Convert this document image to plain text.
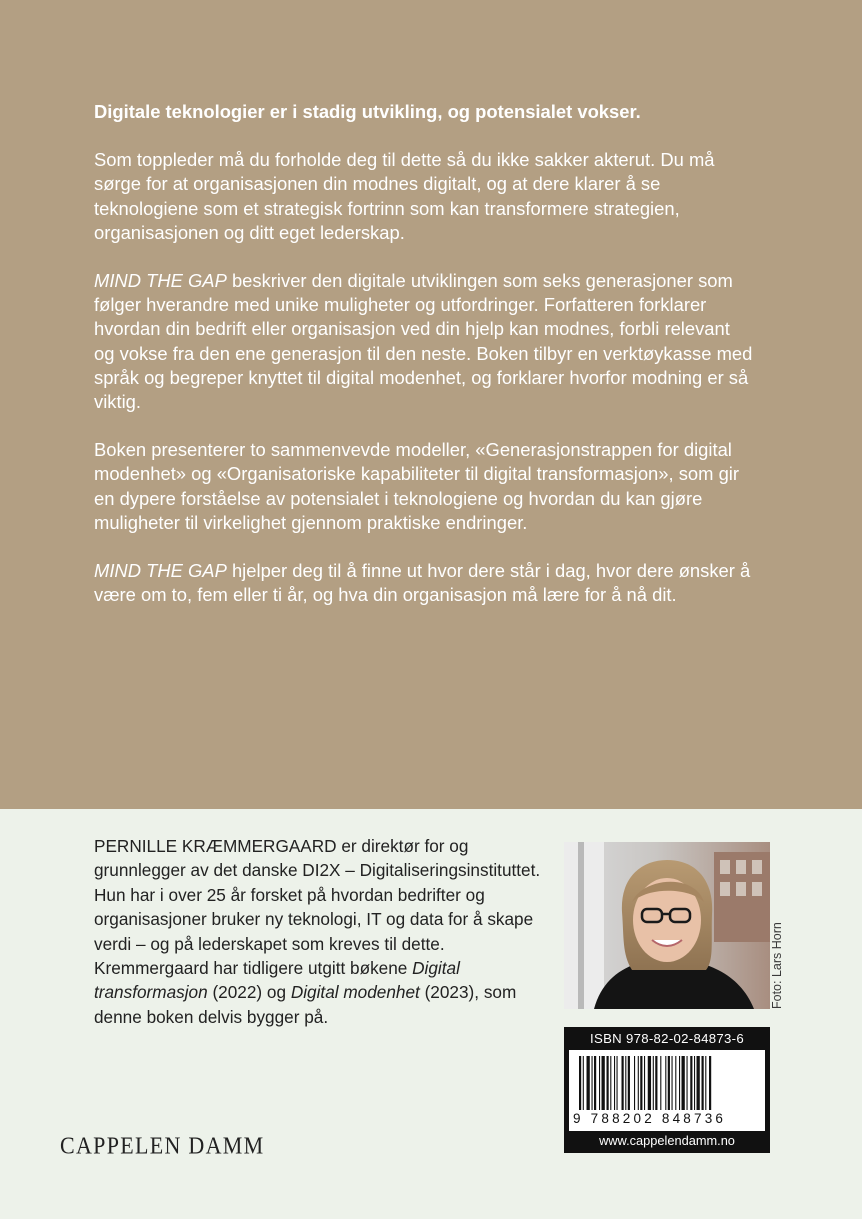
Digitale teknologier er i stadig utvikling, og potensialet vokser.

Som toppleder må du forholde deg til dette så du ikke sakker akterut. Du må sørge for at organisasjonen din modnes digitalt, og at dere klarer å se teknologiene som et strategisk fortrinn som kan transformere strategien, organisasjonen og ditt eget lederskap.

MIND THE GAP beskriver den digitale utviklingen som seks generasjoner som følger hverandre med unike muligheter og utfordringer. Forfatteren forklarer hvordan din bedrift eller organisasjon ved din hjelp kan modnes, forbli relevant og vokse fra den ene generasjon til den neste. Boken tilbyr en verktøykasse med språk og begreper knyttet til digital modenhet, og forklarer hvorfor modning er så viktig.

Boken presenterer to sammenvevde modeller, «Generasjonstrappen for digital modenhet» og «Organisatoriske kapabiliteter til digital transformasjon», som gir en dypere forståelse av potensialet i teknologiene og hvordan du kan gjøre muligheter til virkelighet gjennom praktiske endringer.

MIND THE GAP hjelper deg til å finne ut hvor dere står i dag, hvor dere ønsker å være om to, fem eller ti år, og hva din organisasjon må lære for å nå dit.

PERNILLE KRÆMMERGAARD er direktør for og grunnlegger av det danske DI2X – Digitaliseringsinstituttet. Hun har i over 25 år forsket på hvordan bedrifter og organisasjoner bruker ny teknologi, IT og data for å skape verdi – og på lederskapet som kreves til dette. Kremmergaard har tidligere utgitt bøkene Digital transformasjon (2022) og Digital modenhet (2023), som denne boken delvis bygger på.

Foto: Lars Horn
ISBN 978-82-02-84873-6
9 788202 848736
www.cappelendamm.no
CAPPELEN DAMM
